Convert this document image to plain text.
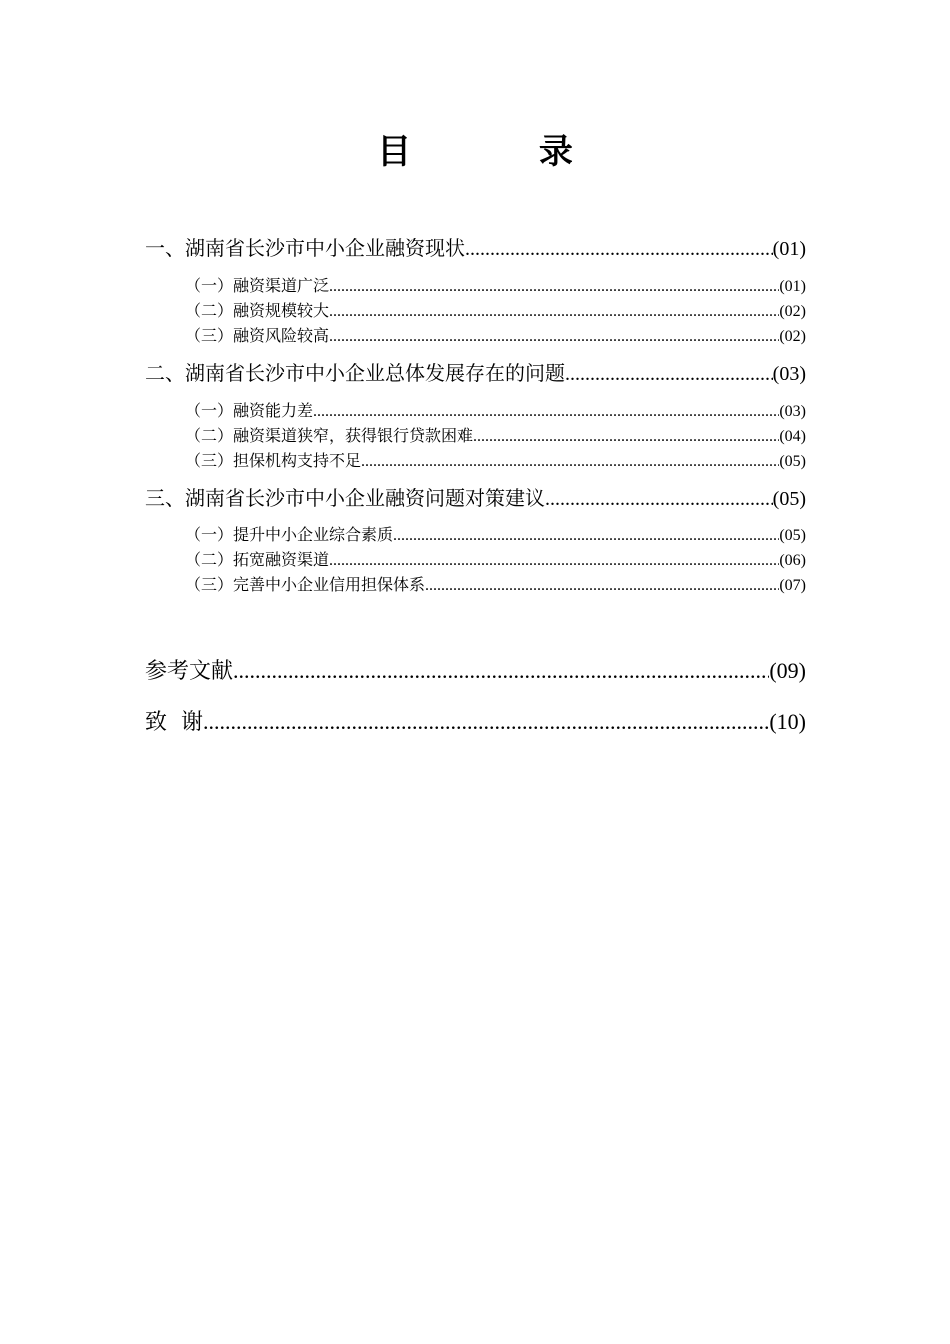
目 录
一、湖南省长沙市中小企业融资现状 .....	(01)
（一）融资渠道广泛 .....	(01)
（二）融资规模较大 .....	(02)
（三）融资风险较高 .....	(02)
二、湖南省长沙市中小企业总体发展存在的问题 .....	(03)
（一）融资能力差 .....	(03)
（二）融资渠道狭窄，获得银行贷款困难 .....	(04)
（三）担保机构支持不足 .....	(05)
三、湖南省长沙市中小企业融资问题对策建议 .....	(05)
（一）提升中小企业综合素质 .....	(05)
（二）拓宽融资渠道 .....	(06)
（三）完善中小企业信用担保体系 .....	(07)
参考文献 .....	(09)
致  谢 .....	(10)
